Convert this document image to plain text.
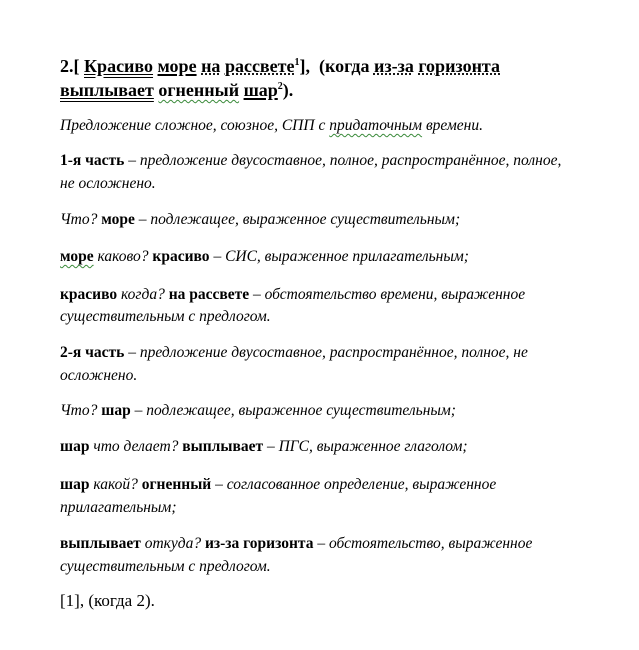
2.[ Красиво море на рассвете$^1$], (когда из-за горизонта
выплывает огненный шар$^2$).
Предложение сложное, союзное, СПП с придаточным времени.
1-я часть – предложение двусоставное, полное, распространённое, полное,
не осложнено.
Что? море – подлежащее, выраженное существительным;
море каково? красиво – СИС, выраженное прилагательным;
красиво когда? на рассвете – обстоятельство времени, выраженное
существительным с предлогом.
2-я часть – предложение двусоставное, распространённое, полное, не
осложнено.
Что? шар – подлежащее, выраженное существительным;
шар что делает? выплывает – ПГС, выраженное глаголом;
шар какой? огненный – согласованное определение, выраженное
прилагательным;
выплывает откуда? из-за горизонта – обстоятельство, выраженное
существительным с предлогом.
[1], (когда 2).
